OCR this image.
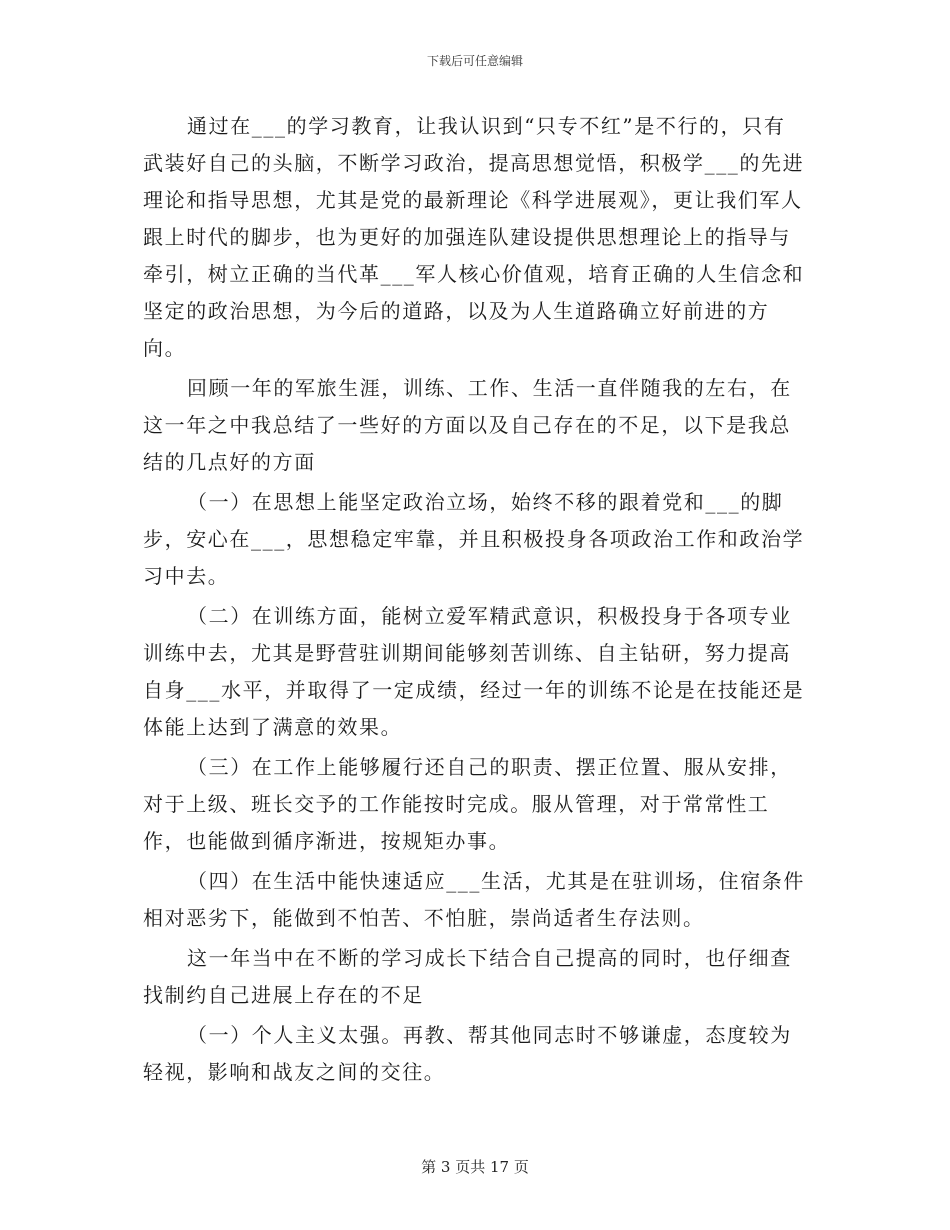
下载后可任意编辑

通过在___的学习教育，让我认识到“只专不红”是不行的，只有武装好自己的头脑，不断学习政治，提高思想觉悟，积极学___的先进理论和指导思想，尤其是党的最新理论《科学进展观》，更让我们军人跟上时代的脚步，也为更好的加强连队建设提供思想理论上的指导与牵引，树立正确的当代革___军人核心价值观，培育正确的人生信念和坚定的政治思想，为今后的道路，以及为人生道路确立好前进的方向。

回顾一年的军旅生涯，训练、工作、生活一直伴随我的左右，在这一年之中我总结了一些好的方面以及自己存在的不足，以下是我总结的几点好的方面

（一）在思想上能坚定政治立场，始终不移的跟着党和___的脚步，安心在___，思想稳定牢靠，并且积极投身各项政治工作和政治学习中去。

（二）在训练方面，能树立爱军精武意识，积极投身于各项专业训练中去，尤其是野营驻训期间能够刻苦训练、自主钻研，努力提高自身___水平，并取得了一定成绩，经过一年的训练不论是在技能还是体能上达到了满意的效果。

（三）在工作上能够履行还自己的职责、摆正位置、服从安排，对于上级、班长交予的工作能按时完成。服从管理，对于常常性工作，也能做到循序渐进，按规矩办事。

（四）在生活中能快速适应___生活，尤其是在驻训场，住宿条件相对恶劣下，能做到不怕苦、不怕脏，崇尚适者生存法则。

这一年当中在不断的学习成长下结合自己提高的同时，也仔细查找制约自己进展上存在的不足

（一）个人主义太强。再教、帮其他同志时不够谦虚，态度较为轻视，影响和战友之间的交往。

第 3 页共 17 页
